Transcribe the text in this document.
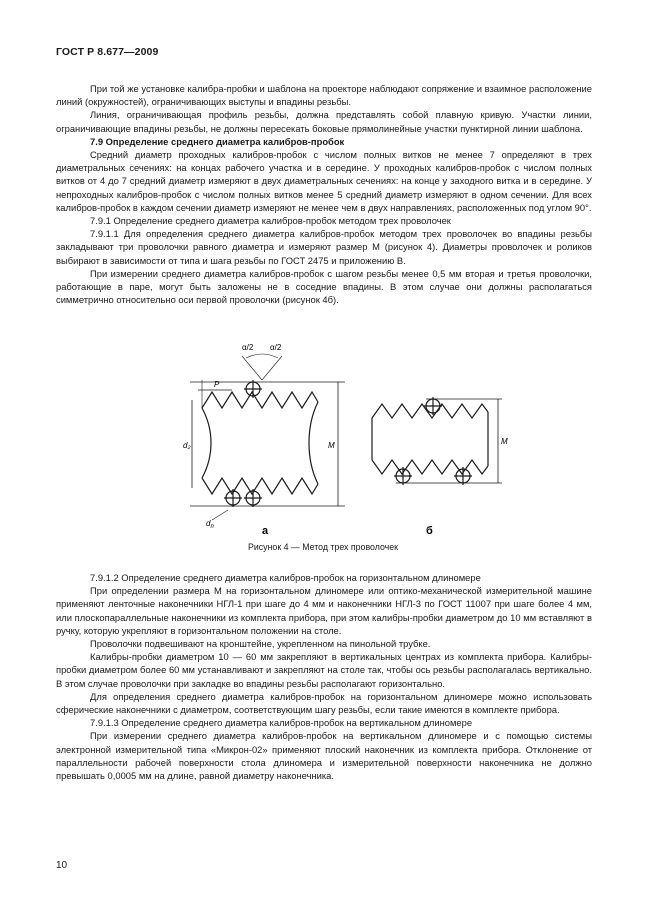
ГОСТ Р 8.677—2009

При той же установке калибра-пробки и шаблона на проекторе наблюдают сопряжение и взаимное расположение линий (окружностей), ограничивающих выступы и впадины резьбы.

Линия, ограничивающая профиль резьбы, должна представлять собой плавную кривую. Участки линии, ограничивающие впадины резьбы, не должны пересекать боковые прямолинейные участки пунктирной линии шаблона.

7.9 Определение среднего диаметра калибров-пробок

Средний диаметр проходных калибров-пробок с числом полных витков не менее 7 определяют в трех диаметральных сечениях: на концах рабочего участка и в середине. У проходных калибров-пробок с числом полных витков от 4 до 7 средний диаметр измеряют в двух диаметральных сечениях: на конце у заходного витка и в середине. У непроходных калибров-пробок с числом полных витков менее 5 средний диаметр измеряют в одном сечении. Для всех калибров-пробок в каждом сечении диаметр измеряют не менее чем в двух направлениях, расположенных под углом 90°.

7.9.1 Определение среднего диаметра калибров-пробок методом трех проволочек

7.9.1.1 Для определения среднего диаметра калибров-пробок методом трех проволочек во впадины резьбы закладывают три проволочки равного диаметра и измеряют размер M (рисунок 4). Диаметры проволочек и роликов выбирают в зависимости от типа и шага резьбы по ГОСТ 2475 и приложению В.

При измерении среднего диаметра калибров-пробок с шагом резьбы менее 0,5 мм вторая и третья проволочки, работающие в паре, могут быть заложены не в соседние впадины. В этом случае они должны располагаться симметрично относительно оси первой проволочки (рисунок 4б).

α/2 α/2
P
d₂	M	M
$d_п$	а	б
Рисунок 4 — Метод трех проволочек

7.9.1.2 Определение среднего диаметра калибров-пробок на горизонтальном длиномере

При определении размера M на горизонтальном длиномере или оптико-механической измерительной машине применяют ленточные наконечники НГЛ-1 при шаге до 4 мм и наконечники НГЛ-3 по ГОСТ 11007 при шаге более 4 мм, или плоскопараллельные наконечники из комплекта прибора, при этом калибры-пробки диаметром до 10 мм вставляют в ручку, которую укрепляют в горизонтальном положении на столе.

Проволочки подвешивают на кронштейне, укрепленном на пинольной трубке.

Калибры-пробки диаметром 10 — 60 мм закрепляют в вертикальных центрах из комплекта прибора. Калибры-пробки диаметром более 60 мм устанавливают и закрепляют на столе так, чтобы ось резьбы располагалась вертикально. В этом случае проволочки при закладке во впадины резьбы располагают горизонтально.

Для определения среднего диаметра калибров-пробок на горизонтальном длиномере можно использовать сферические наконечники с диаметром, соответствующим шагу резьбы, если такие имеются в комплекте прибора.

7.9.1.3 Определение среднего диаметра калибров-пробок на вертикальном длиномере

При измерении среднего диаметра калибров-пробок на вертикальном длиномере и с помощью системы электронной измерительной типа «Микрон-02» применяют плоский наконечник из комплекта прибора. Отклонение от параллельности рабочей поверхности стола длиномера и измерительной поверхности наконечника не должно превышать 0,0005 мм на длине, равной диаметру наконечника.

10
